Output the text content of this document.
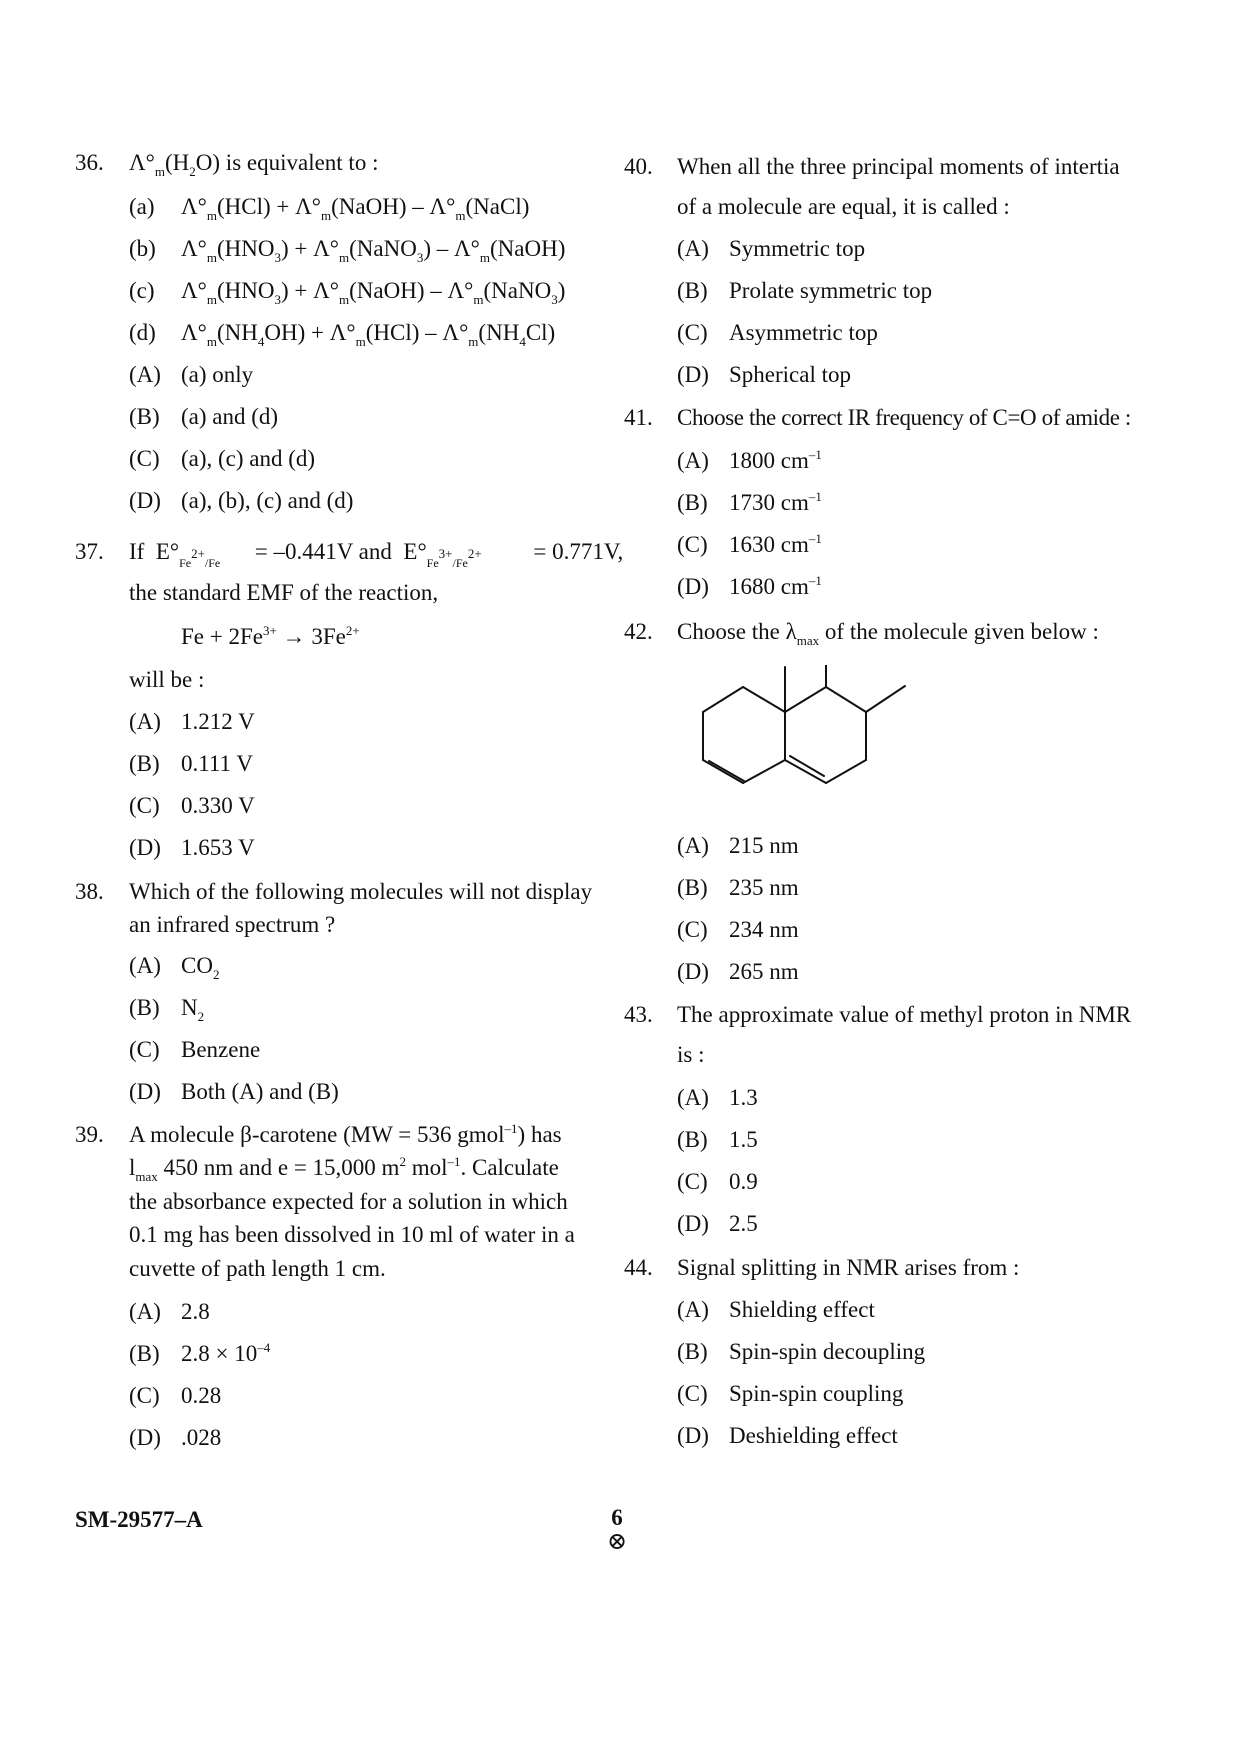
36. $\Lambda^\circ_m(H_2O)$ is equivalent to :
(a) $\Lambda^\circ_m(HCl)$ + $\Lambda^\circ_m(NaOH)$ – $\Lambda^\circ_m(NaCl)$
(b) $\Lambda^\circ_m(HNO_3)$ + $\Lambda^\circ_m(NaNO_3)$ – $\Lambda^\circ_m(NaOH)$
(c) $\Lambda^\circ_m(HNO_3)$ + $\Lambda^\circ_m(NaOH)$ – $\Lambda^\circ_m(NaNO_3)$
(d) $\Lambda^\circ_m(NH_4OH) + \Lambda^\circ_m(HCl) - \Lambda^\circ_m(NH_4Cl)$
(A) (a) only
(B) (a) and (d)
(C) (a), (c) and (d)
(D) (a), (b), (c) and (d)
37. If  $E^\circ_{Fe^{2+}/Fe}$      = –0.441V and  $E^\circ_{Fe^{3+}/Fe^{2+}}$         = 0.771V,
the standard EMF of the reaction,
$Fe + 2Fe^{3+} \to 3Fe^{2+}$
will be :
(A) 1.212 V
(B) 0.111 V
(C) 0.330 V
(D) 1.653 V
38. Which of the following molecules will not display
an infrared spectrum ?
(A) $CO_2$
(B) $N_2$
(C) Benzene
(D) Both (A) and (B)
39. A molecule β-carotene (MW = 536 gmol$^{-1}$) has
$l_{max}$ 450 nm and e = 15,000 $m^2$ mol$^{-1}$. Calculate
the absorbance expected for a solution in which
0.1 mg has been dissolved in 10 ml of water in a
cuvette of path length 1 cm.
(A) 2.8
(B) $2.8 \times 10^{-4}$
(C) 0.28
(D) .028
40. When all the three principal moments of intertia
of a molecule are equal, it is called :
(A) Symmetric top
(B) Prolate symmetric top
(C) Asymmetric top
(D) Spherical top
41. Choose the correct IR frequency of C=O of amide :
(A) 1800 $cm^{-1}$
(B) 1730 $cm^{-1}$
(C) 1630 $cm^{-1}$
(D) 1680 $cm^{-1}$
42. Choose the $\lambda_{max}$ of the molecule given below :
(A) 215 nm
(B) 235 nm
(C) 234 nm
(D) 265 nm
43. The approximate value of methyl proton in NMR
is :
(A) 1.3
(B) 1.5
(C) 0.9
(D) 2.5
44. Signal splitting in NMR arises from :
(A) Shielding effect
(B) Spin-spin decoupling
(C) Spin-spin coupling
(D) Deshielding effect
SM-29577–A	6
⊗
